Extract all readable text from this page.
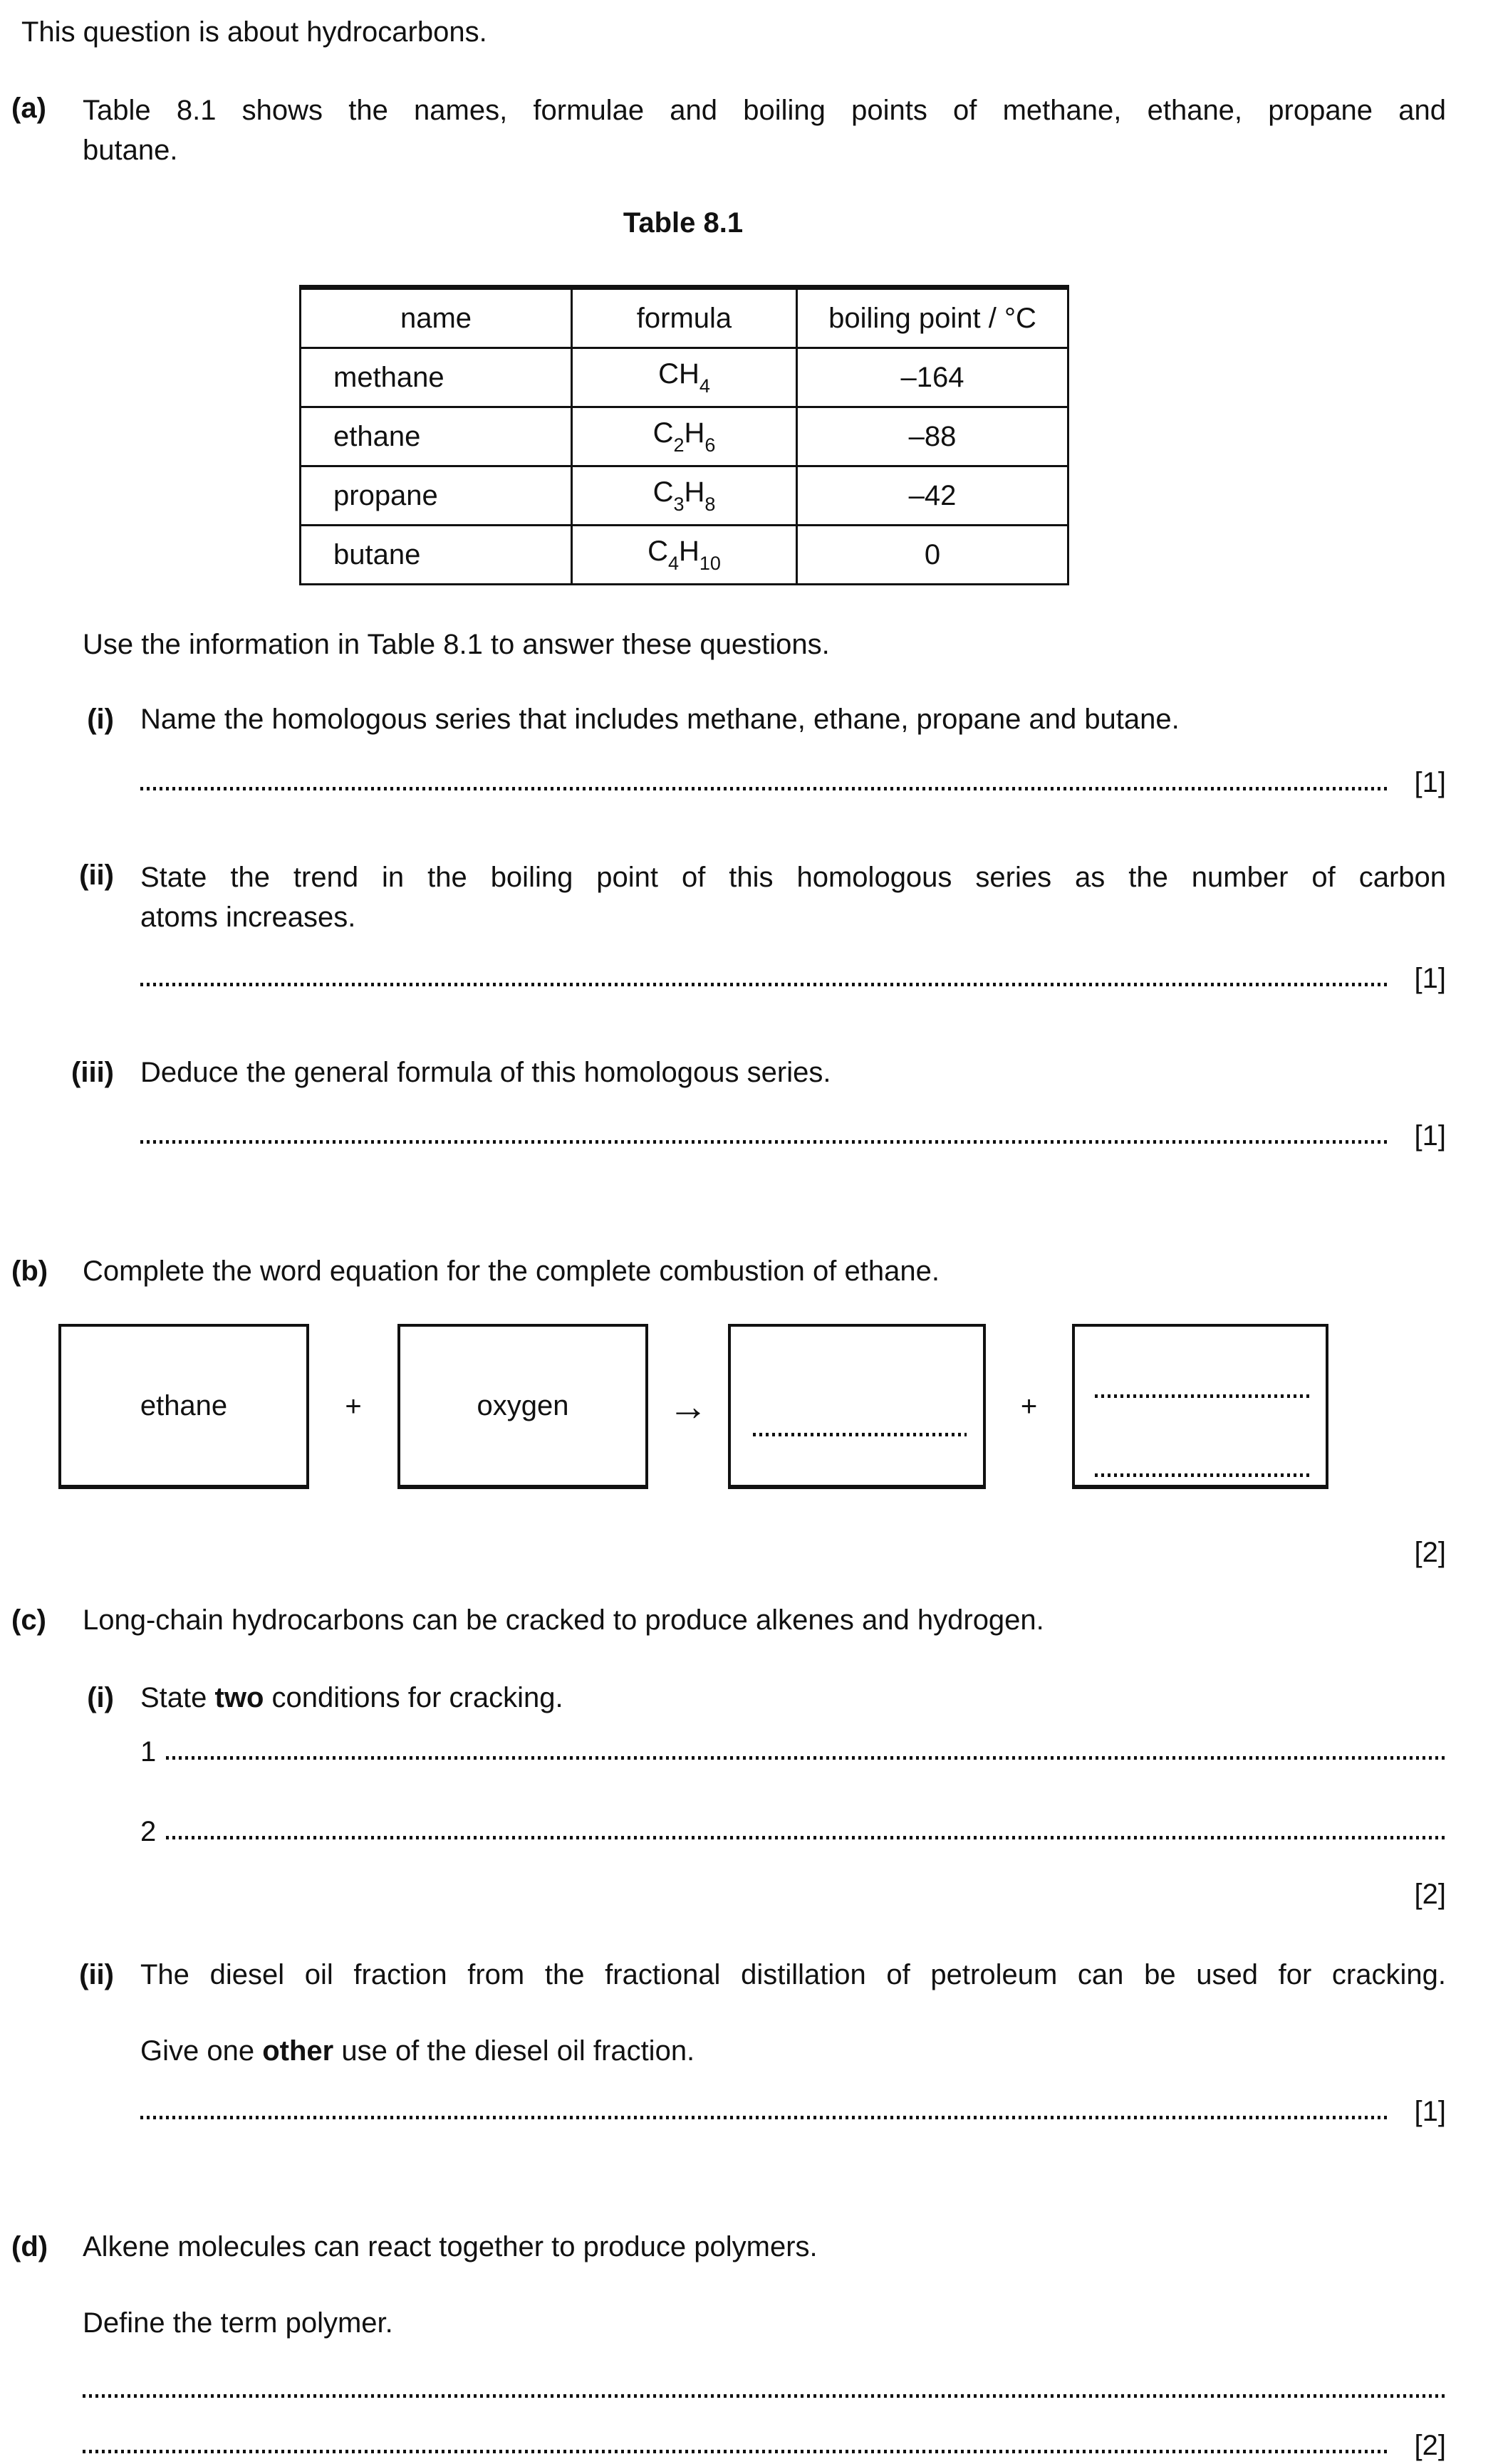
This question is about hydrocarbons.
(a) Table 8.1 shows the names, formulae and boiling points of methane, ethane, propane and
butane.
Table 8.1
name	formula	boiling point / °C
methane	$CH_4$	–164
ethane	$C_2H_6$	–88
propane	$C_3H_8$	–42
butane	$C_4H_{10}$	0
Use the information in Table 8.1 to answer these questions.
(i) Name the homologous series that includes methane, ethane, propane and butane.
[1]
(ii) State the trend in the boiling point of this homologous series as the number of carbon
atoms increases.
[1]
(iii) Deduce the general formula of this homologous series.
[1]
(b) Complete the word equation for the complete combustion of ethane.
ethane	+	oxygen →	+
[2]
(c) Long-chain hydrocarbons can be cracked to produce alkenes and hydrogen.
(i) State two conditions for cracking.
1
2
[2]
(ii) The diesel oil fraction from the fractional distillation of petroleum can be used for cracking.
Give one other use of the diesel oil fraction.
[1]
(d) Alkene molecules can react together to produce polymers.
Define the term polymer.
[2]
